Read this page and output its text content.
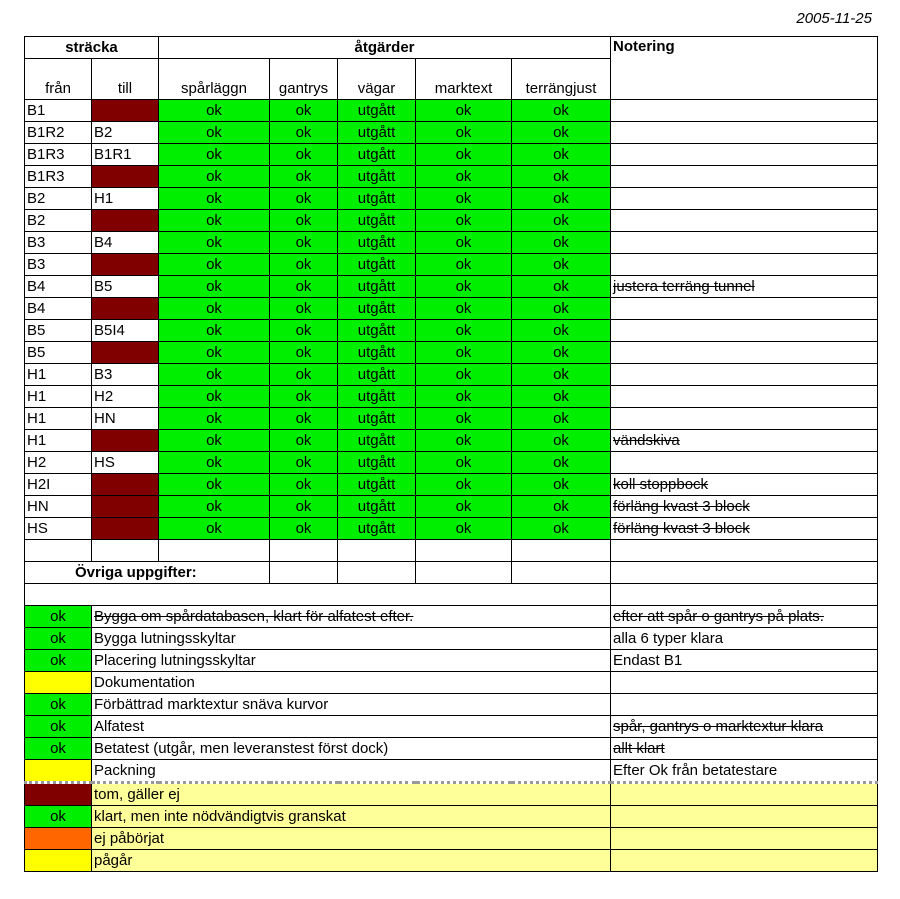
2005-11-25
sträcka		åtgärder					Notering
från	till	spårläggn	gantrys	vägar	marktext	terrängjust	
B1		ok	ok	utgått	ok	ok	
B1R2	B2	ok	ok	utgått	ok	ok	
B1R3	B1R1	ok	ok	utgått	ok	ok	
B1R3		ok	ok	utgått	ok	ok	
B2	H1	ok	ok	utgått	ok	ok	
B2		ok	ok	utgått	ok	ok	
B3	B4	ok	ok	utgått	ok	ok	
B3		ok	ok	utgått	ok	ok	
B4	B5	ok	ok	utgått	ok	ok	justera terräng tunnel
B4		ok	ok	utgått	ok	ok	
B5	B5I4	ok	ok	utgått	ok	ok	
B5		ok	ok	utgått	ok	ok	
H1	B3	ok	ok	utgått	ok	ok	
H1	H2	ok	ok	utgått	ok	ok	
H1	HN	ok	ok	utgått	ok	ok	
H1		ok	ok	utgått	ok	ok	vändskiva
H2	HS	ok	ok	utgått	ok	ok	
H2I		ok	ok	utgått	ok	ok	koll stoppbock
HN		ok	ok	utgått	ok	ok	förläng kvast 3 block
HS		ok	ok	utgått	ok	ok	förläng kvast 3 block

Övriga uppgifter:							

ok	Bygga om spårdatabasen, klart för alfatest efter.						efter att spår o gantrys på plats.
ok	Bygga lutningsskyltar						alla 6 typer klara
ok	Placering lutningsskyltar						Endast B1
	Dokumentation						
ok	Förbättrad marktextur snäva kurvor						
ok	Alfatest						spår, gantrys o marktextur klara
ok	Betatest (utgår, men leveranstest först dock)						allt klart
	Packning						Efter Ok från betatestare
	tom, gäller ej						
ok	klart, men inte nödvändigtvis granskat						
	ej påbörjat						
	pågår						
